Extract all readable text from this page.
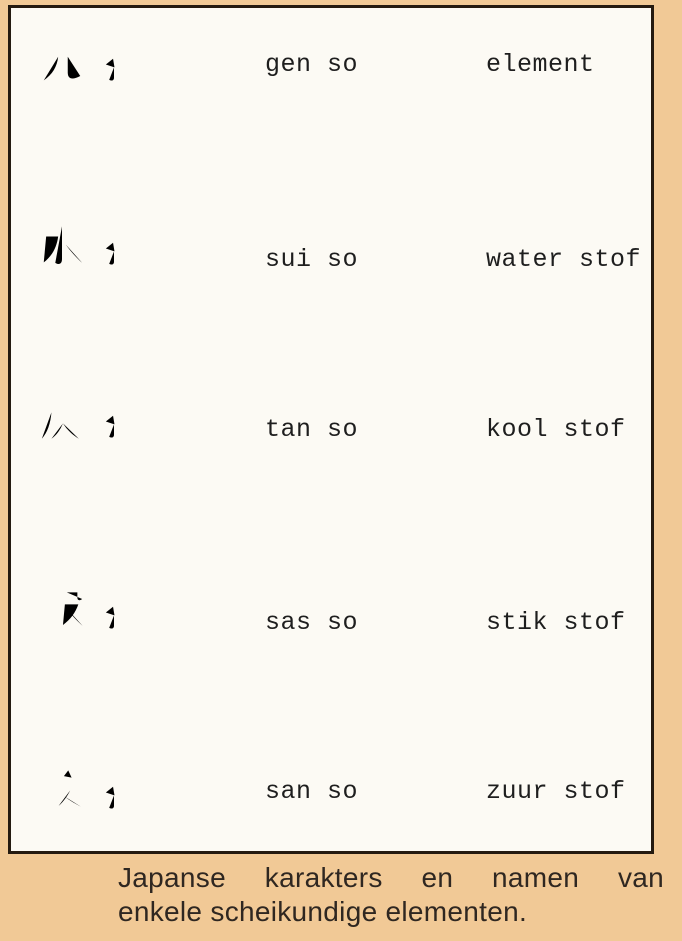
gen so	element
sui so	water stof
tan so	kool stof
sas so	stik stof
san so	zuur stof
Japanse karakters en namen van
enkele scheikundige elementen.
